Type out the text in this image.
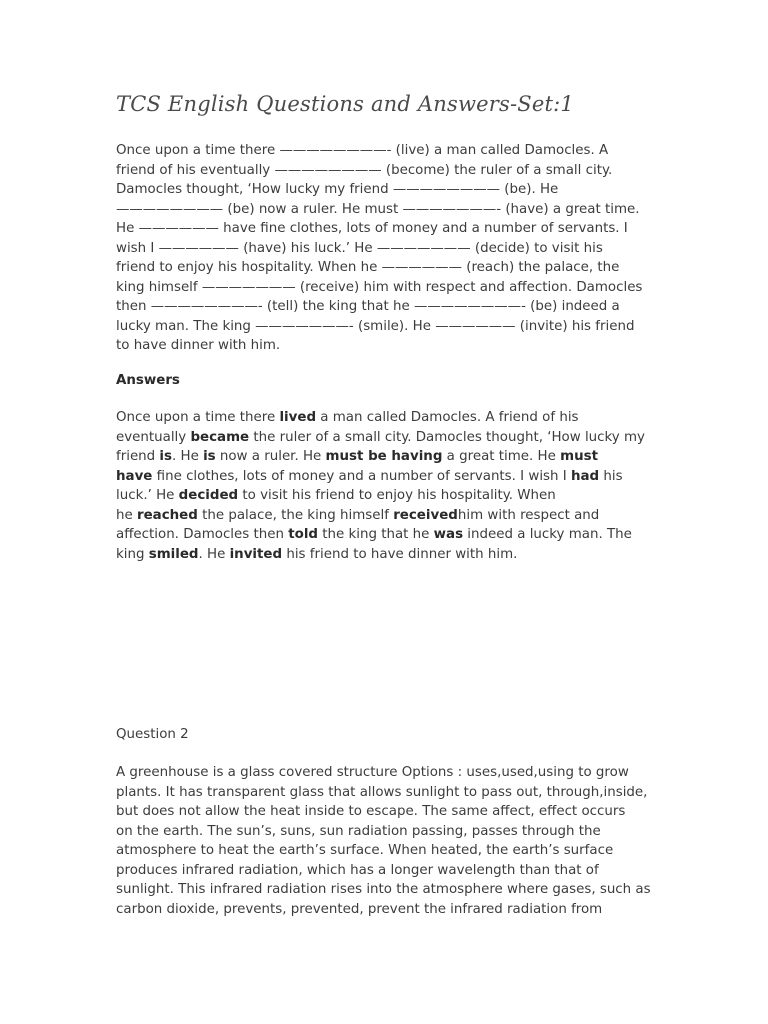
TCS English Questions and Answers-Set:1
Once upon a time there ————————- (live) a man called Damocles. A
friend of his eventually ———————— (become) the ruler of a small city.
Damocles thought, ‘How lucky my friend ———————— (be). He
———————— (be) now a ruler. He must ———————- (have) a great time.
He —————— have fine clothes, lots of money and a number of servants. I
wish I —————— (have) his luck.’ He ——————— (decide) to visit his
friend to enjoy his hospitality. When he —————— (reach) the palace, the
king himself ——————— (receive) him with respect and affection. Damocles
then ————————- (tell) the king that he ————————- (be) indeed a
lucky man. The king ———————- (smile). He —————— (invite) his friend
to have dinner with him.

Answers

Once upon a time there lived a man called Damocles. A friend of his
eventually became the ruler of a small city. Damocles thought, ‘How lucky my
friend is. He is now a ruler. He must be having a great time. He must
have fine clothes, lots of money and a number of servants. I wish I had his
luck.’ He decided to visit his friend to enjoy his hospitality. When
he reached the palace, the king himself receivedhim with respect and
affection. Damocles then told the king that he was indeed a lucky man. The
king smiled. He invited his friend to have dinner with him.

Question 2

A greenhouse is a glass covered structure Options : uses,used,using to grow
plants. It has transparent glass that allows sunlight to pass out, through,inside,
but does not allow the heat inside to escape. The same affect, effect occurs
on the earth. The sun’s, suns, sun radiation passing, passes through the
atmosphere to heat the earth’s surface. When heated, the earth’s surface
produces infrared radiation, which has a longer wavelength than that of
sunlight. This infrared radiation rises into the atmosphere where gases, such as
carbon dioxide, prevents, prevented, prevent the infrared radiation from
